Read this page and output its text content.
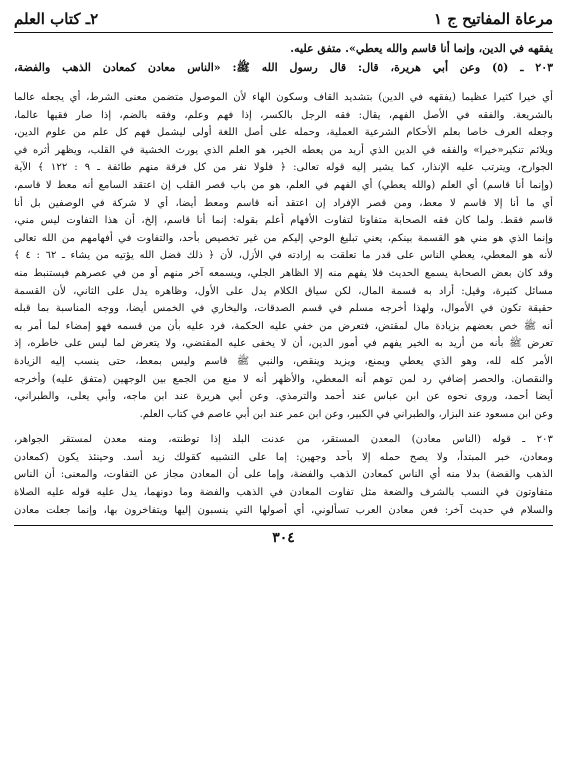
٢ـ كتاب العلم	مرعاة المفاتيح ج ١
يفقهه في الدين، وإنما أنا قاسم والله يعطي». متفق عليه.
٢٠٣ ـ (٥) وعن أبي هريرة، قال: قال رسول الله ﷺ: «الناس معادن كمعادن الذهب والفضة،
أي خيرا كثيرا عظيما (يفقهه في الدين) بتشديد القاف وسكون الهاء لأن الموصول متضمن معنى الشرط، أي يجعله عالما
بالشريعة. والفقه في الأصل الفهم، يقال: فقه الرجل بالكسر، إذا فهم وعلم، وفقه بالضم، إذا صار فقيها عالما،
وجعله العرف خاصا بعلم الأحكام الشرعية العملية، وحمله على أصل اللغة أولى ليشمل فهم كل علم من علوم الدين،
ويلائم تنكير«خيرا» والفقه في الدين الذي أريد من يعطه الخير، هو العلم الذي يورث الخشية في القلب، ويظهر أثره في
الجوارح، ويترتب عليه الإنذار، كما يشير إليه قوله تعالى: ﴿ فلولا نفر من كل فرقة منهم طائفة ـ ٩ : ١٢٢ ﴾ الآية
(وإنما أنا قاسم) أي العلم (والله يعطي) أي الفهم في العلم، هو من باب قصر القلب إن اعتقد السامع أنه معط لا قاسم،
أي ما أنا إلا قاسم لا معط، ومن قصر الإفراد إن اعتقد أنه قاسم ومعط أيضا، أي لا شركة في الوصفين بل أنا
قاسم فقط. ولما كان فقه الصحابة متفاوتا لتفاوت الأفهام أعلم بقوله: إنما أنا قاسم، إلخ، أن هذا التفاوت ليس مني،
وإنما الذي هو مني هو القسمة بينكم، يعني تبليغ الوحي إليكم من غير تخصيص بأحد، والتفاوت في أفهامهم من الله تعالى
لأنه هو المعطي، يعطي الناس على قدر ما تعلقت به إرادته في الأزل، لأن ﴿ ذلك فضل الله يؤتيه من يشاء ـ ٦٢ : ٤ ﴾
وقد كان بعض الصحابة يسمع الحديث فلا يفهم منه إلا الظاهر الجلي، ويسمعه آخر منهم أو من في عصرهم فيستنبط منه
مسائل كثيرة، وقيل: أراد به قسمة المال، لكن سياق الكلام يدل على الأول، وظاهره يدل على الثاني، لأن القسمة
حقيقة تكون في الأموال، ولهذا أخرجه مسلم في قسم الصدقات، والبخاري في الخمس أيضا، ووجه المناسبة بما قبله
أنه ﷺ خص بعضهم بزيادة مال لمقتض، فتعرض من خفي عليه الحكمة، فرد عليه بأن من قسمه فهو إمضاء لما أمر به
تعرض ﷺ بأنه من أريد به الخير يفهم في أمور الدين، أن لا يخفى عليه المقتضي، ولا يتعرض لما ليس على خاطره، إذ
الأمر كله لله، وهو الذي يعطي ويمنع، ويزيد وينقص، والنبي ﷺ قاسم وليس بمعط، حتى ينسب إليه الزيادة
والنقصان. والحصر إضافي رد لمن توهم أنه المعطي، والأظهر أنه لا منع من الجمع بين الوجهين (متفق عليه) وأخرجه
أيضا أحمد، وروى نحوه عن ابن عباس عند أحمد والترمذي. وعن أبي هريرة عند ابن ماجه، وأبي يعلى، والطبراني،
وعن ابن مسعود عند البزار، والطبراني في الكبير، وعن ابن عمر عند ابن أبي عاصم في كتاب العلم.
٢٠٣ ـ قوله (الناس معادن) المعدن المستقر، من عدنت البلد إذا توطنته، ومنه معدن لمستقر الجواهر،
ومعادن، خبر المبتدأ، ولا يصح حمله إلا بأحد وجهين: إما على التشبيه كقولك زيد أسد. وحينئذ يكون (كمعادن
الذهب والفضة) بدلا منه أي الناس كمعادن الذهب والفضة، وإما على أن المعادن مجاز عن التفاوت، والمعنى: أن الناس
متفاوتون في النسب بالشرف والضعة مثل تفاوت المعادن في الذهب والفضة وما دونهما، يدل عليه قوله عليه الصلاة
والسلام في حديث آخر: فعن معادن العرب تسألوني، أي أصولها التي ينسبون إليها ويتفاخرون بها، وإنما جعلت معادن
٣٠٤
